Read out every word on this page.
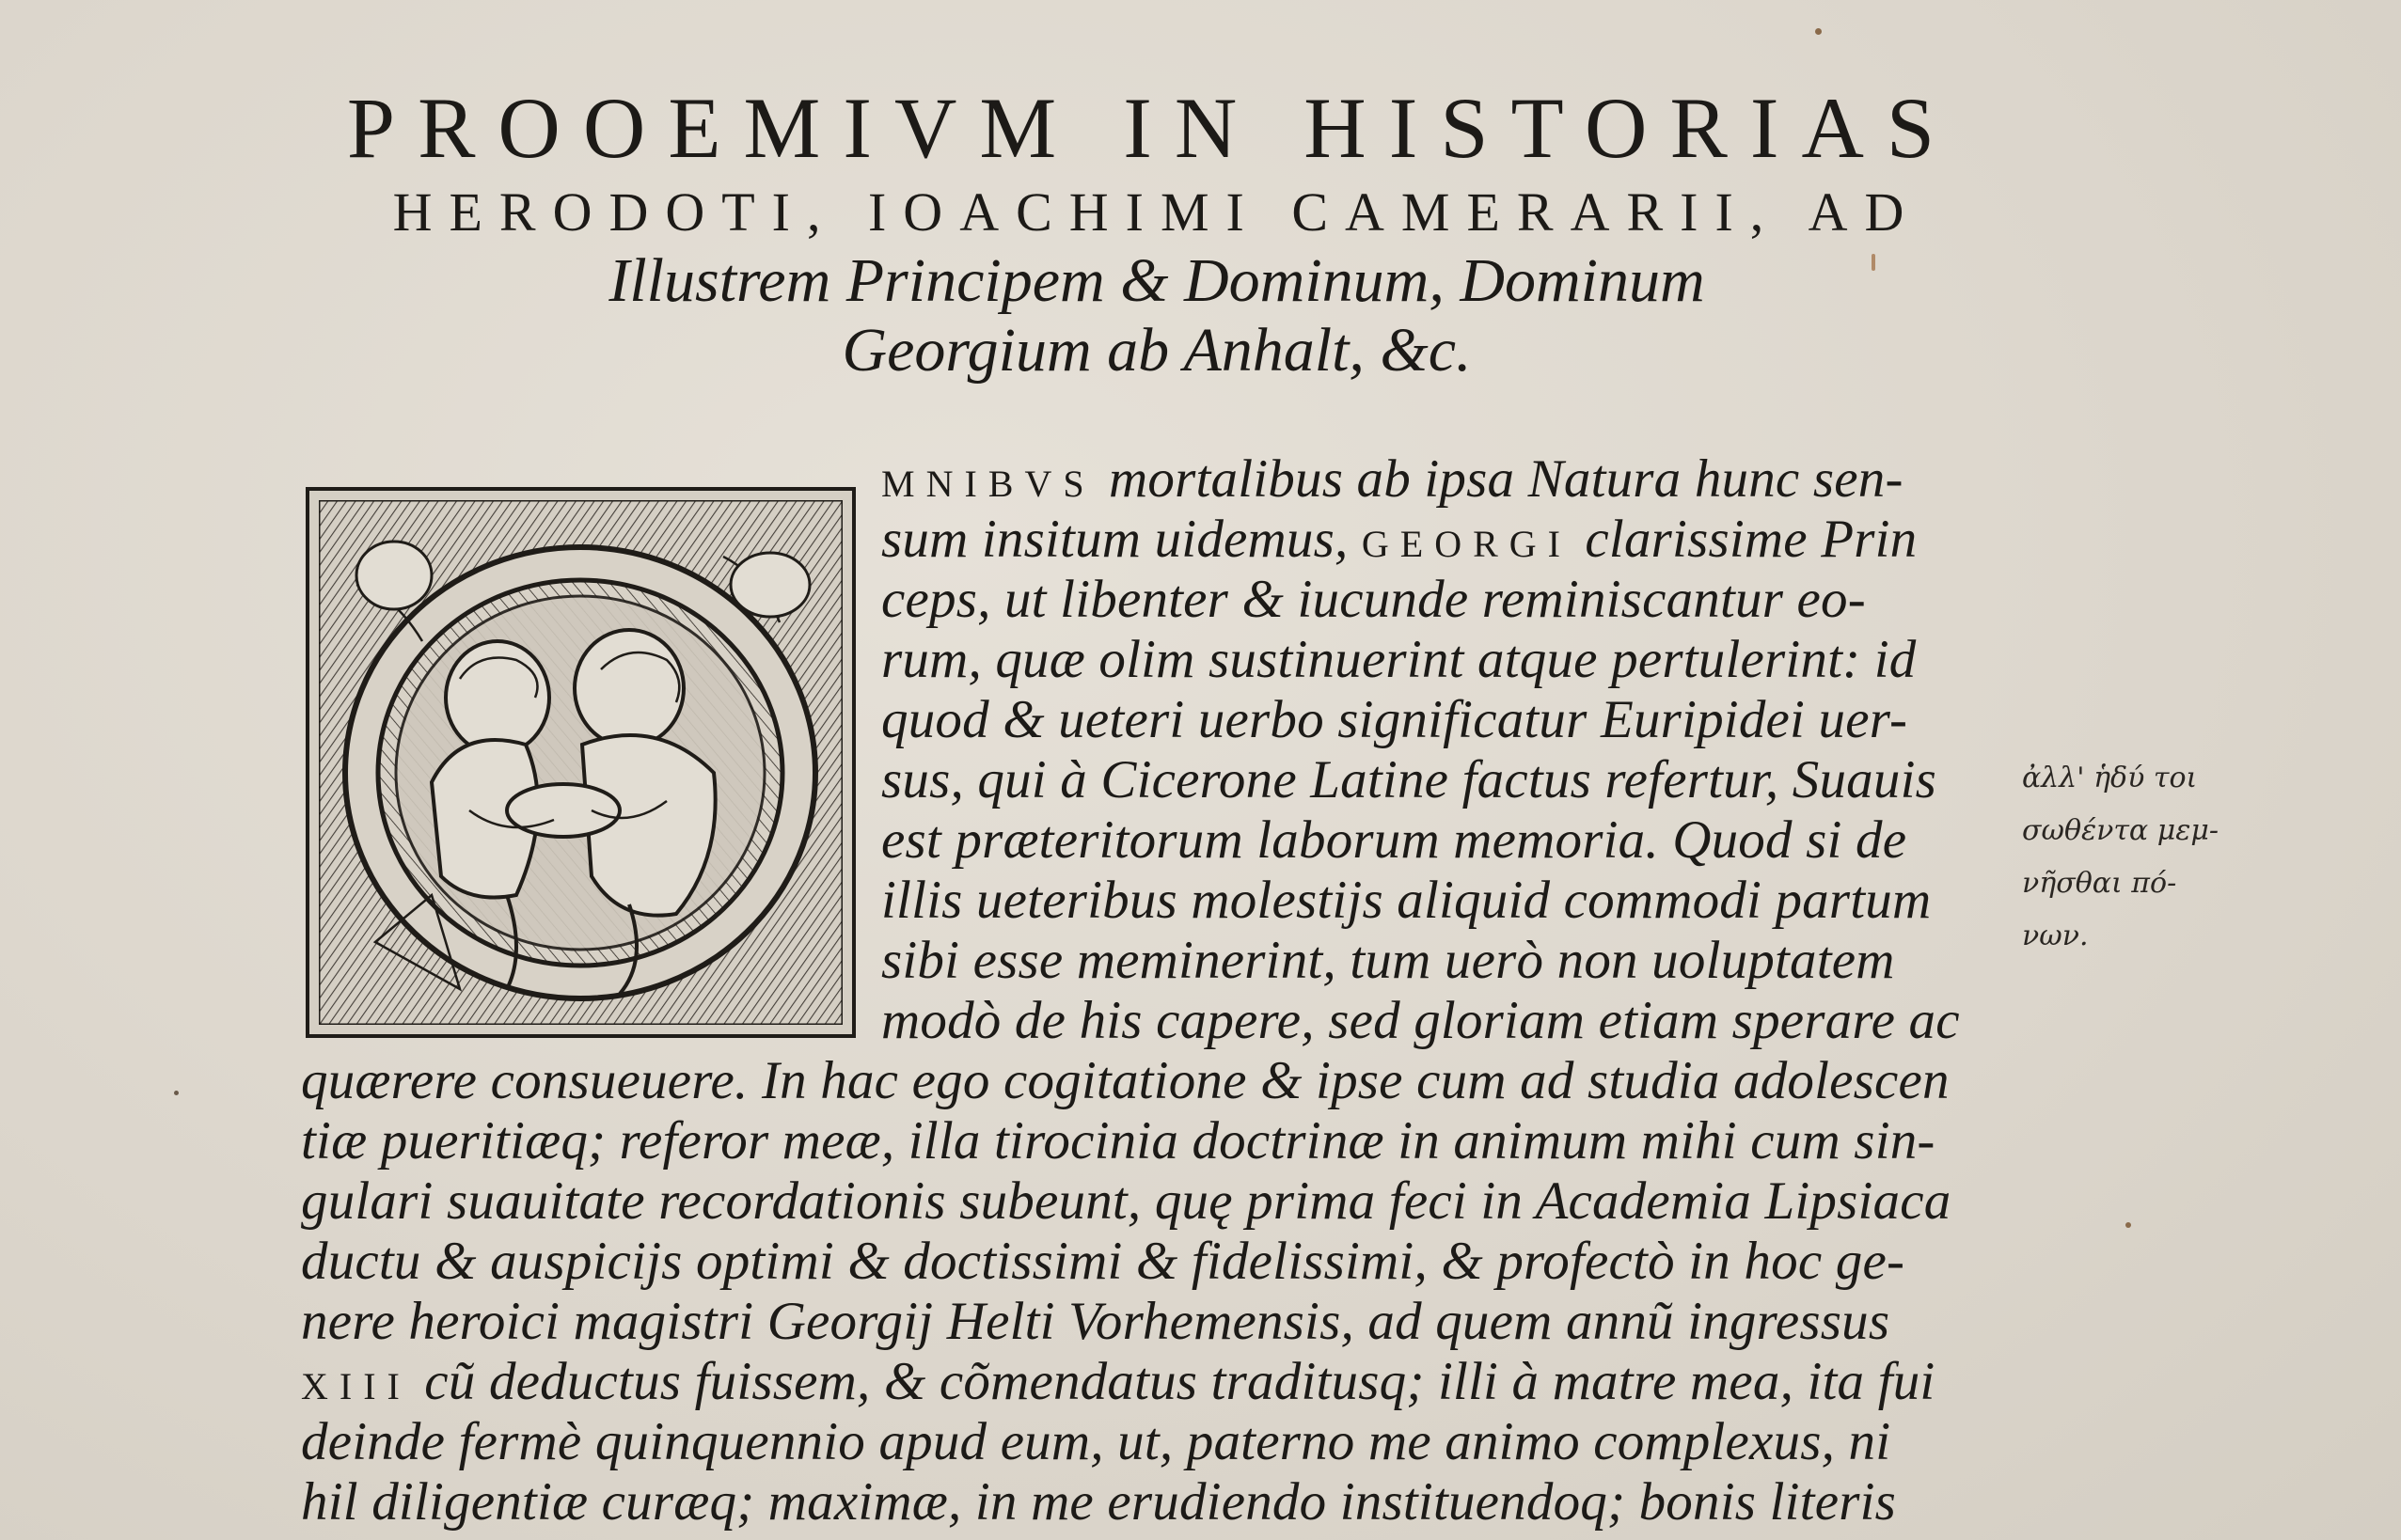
PROOEMIVM IN HISTORIAS
HERODOTI, IOACHIMI CAMERARII, AD
Illustrem Principem & Dominum, Dominum
Georgium ab Anhalt, &c.
MNIBVS mortalibus ab ipsa Natura hunc sen-
sum insitum uidemus, GEORGI clarissime Prin
ceps, ut libenter & iucunde reminiscantur eo-
rum, quæ olim sustinuerint atque pertulerint: id
quod & ueteri uerbo significatur Euripidei uer-
sus, qui à Cicerone Latine factus refertur, Suauis
est præteritorum laborum memoria. Quod si de
illis ueteribus molestijs aliquid commodi partum
sibi esse meminerint, tum uerò non uoluptatem
modò de his capere, sed gloriam etiam sperare ac
quærere consueuere. In hac ego cogitatione & ipse cum ad studia adolescen
tiæ pueritiæq; referor meæ, illa tirocinia doctrinæ in animum mihi cum sin-
gulari suauitate recordationis subeunt, quę prima feci in Academia Lipsiaca
ductu & auspicijs optimi & doctissimi & fidelissimi, & profectò in hoc ge-
nere heroici magistri Georgij Helti Vorhemensis, ad quem annũ ingressus
XIII cũ deductus fuissem, & cõmendatus traditusq; illi à matre mea, ita fui
deinde fermè quinquennio apud eum, ut, paterno me animo complexus, ni
hil diligentiæ curæq; maximæ, in me erudiendo instituendoq; bonis literis
ἀλλ' ἡδύ τοι
σωθέντα μεμ-
νῆσθαι πό-
νων.
